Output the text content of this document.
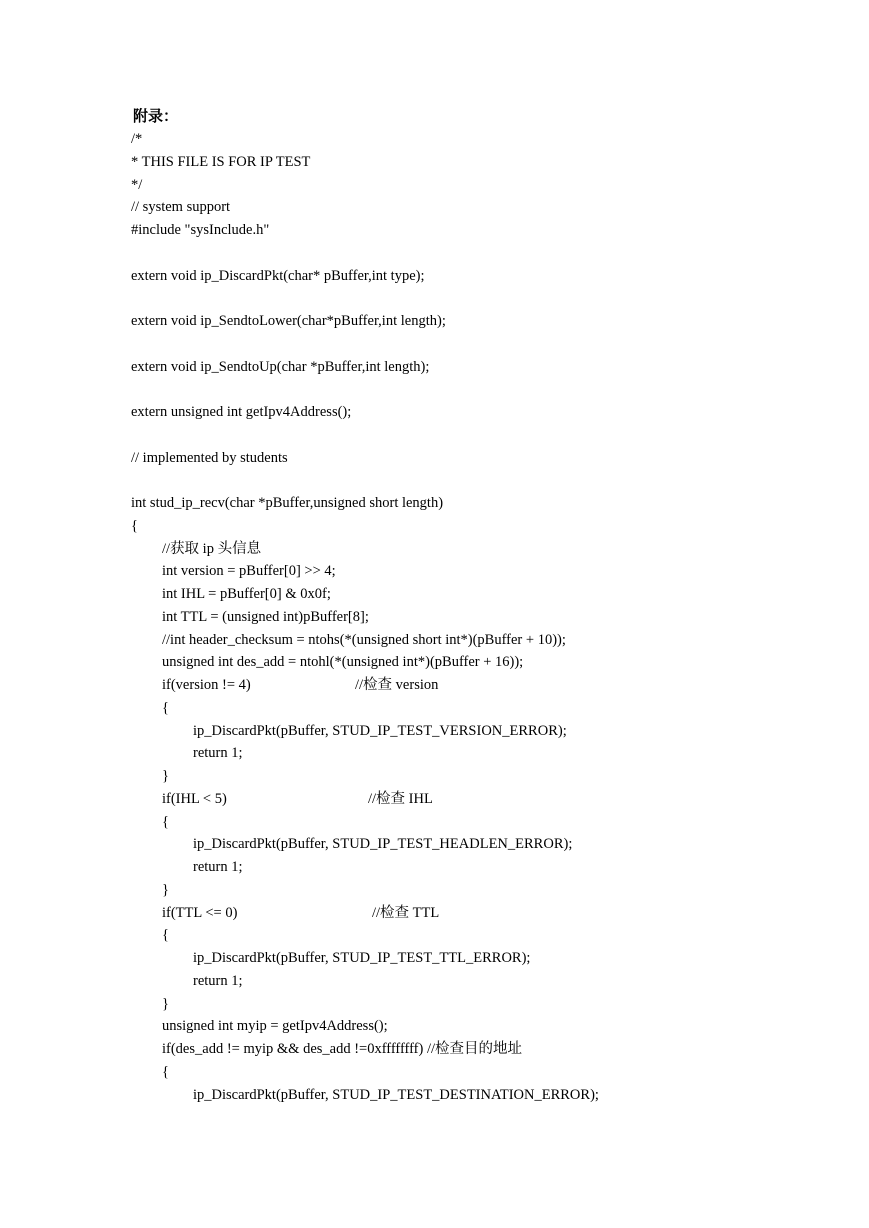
附录：
/*
* THIS FILE IS FOR IP TEST
*/
// system support
#include "sysInclude.h"
extern void ip_DiscardPkt(char* pBuffer,int type);
extern void ip_SendtoLower(char*pBuffer,int length);
extern void ip_SendtoUp(char *pBuffer,int length);
extern unsigned int getIpv4Address();
// implemented by students
int stud_ip_recv(char *pBuffer,unsigned short length)
{
//获取 ip 头信息
int version = pBuffer[0] >> 4;
int IHL = pBuffer[0] & 0x0f;
int TTL = (unsigned int)pBuffer[8];
//int header_checksum = ntohs(*(unsigned short int*)(pBuffer + 10));
unsigned int des_add = ntohl(*(unsigned int*)(pBuffer + 16));
if(version != 4)	//检查 version
{
ip_DiscardPkt(pBuffer, STUD_IP_TEST_VERSION_ERROR);
return 1;
}
if(IHL < 5)	//检查 IHL
{
ip_DiscardPkt(pBuffer, STUD_IP_TEST_HEADLEN_ERROR);
return 1;
}
if(TTL <= 0)	//检查 TTL
{
ip_DiscardPkt(pBuffer, STUD_IP_TEST_TTL_ERROR);
return 1;
}
unsigned int myip = getIpv4Address();
if(des_add != myip && des_add !=0xffffffff) //检查目的地址
{
ip_DiscardPkt(pBuffer, STUD_IP_TEST_DESTINATION_ERROR);
